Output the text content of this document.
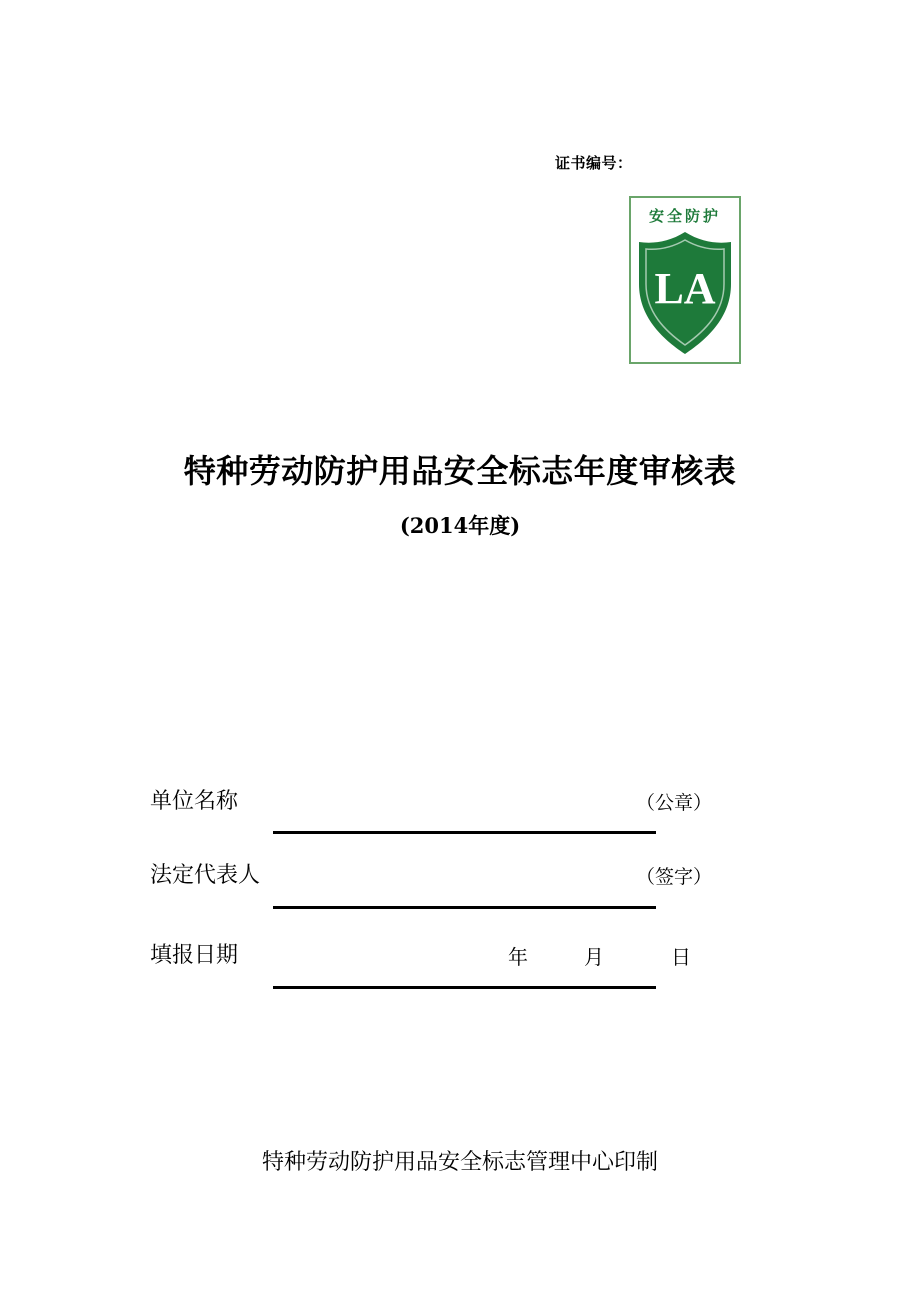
证书编号：
安全防护
LA
特种劳动防护用品安全标志年度审核表
(2014年度)
单位名称	（公章）
法定代表人	（签字）
填报日期	年	月	日
特种劳动防护用品安全标志管理中心印制
